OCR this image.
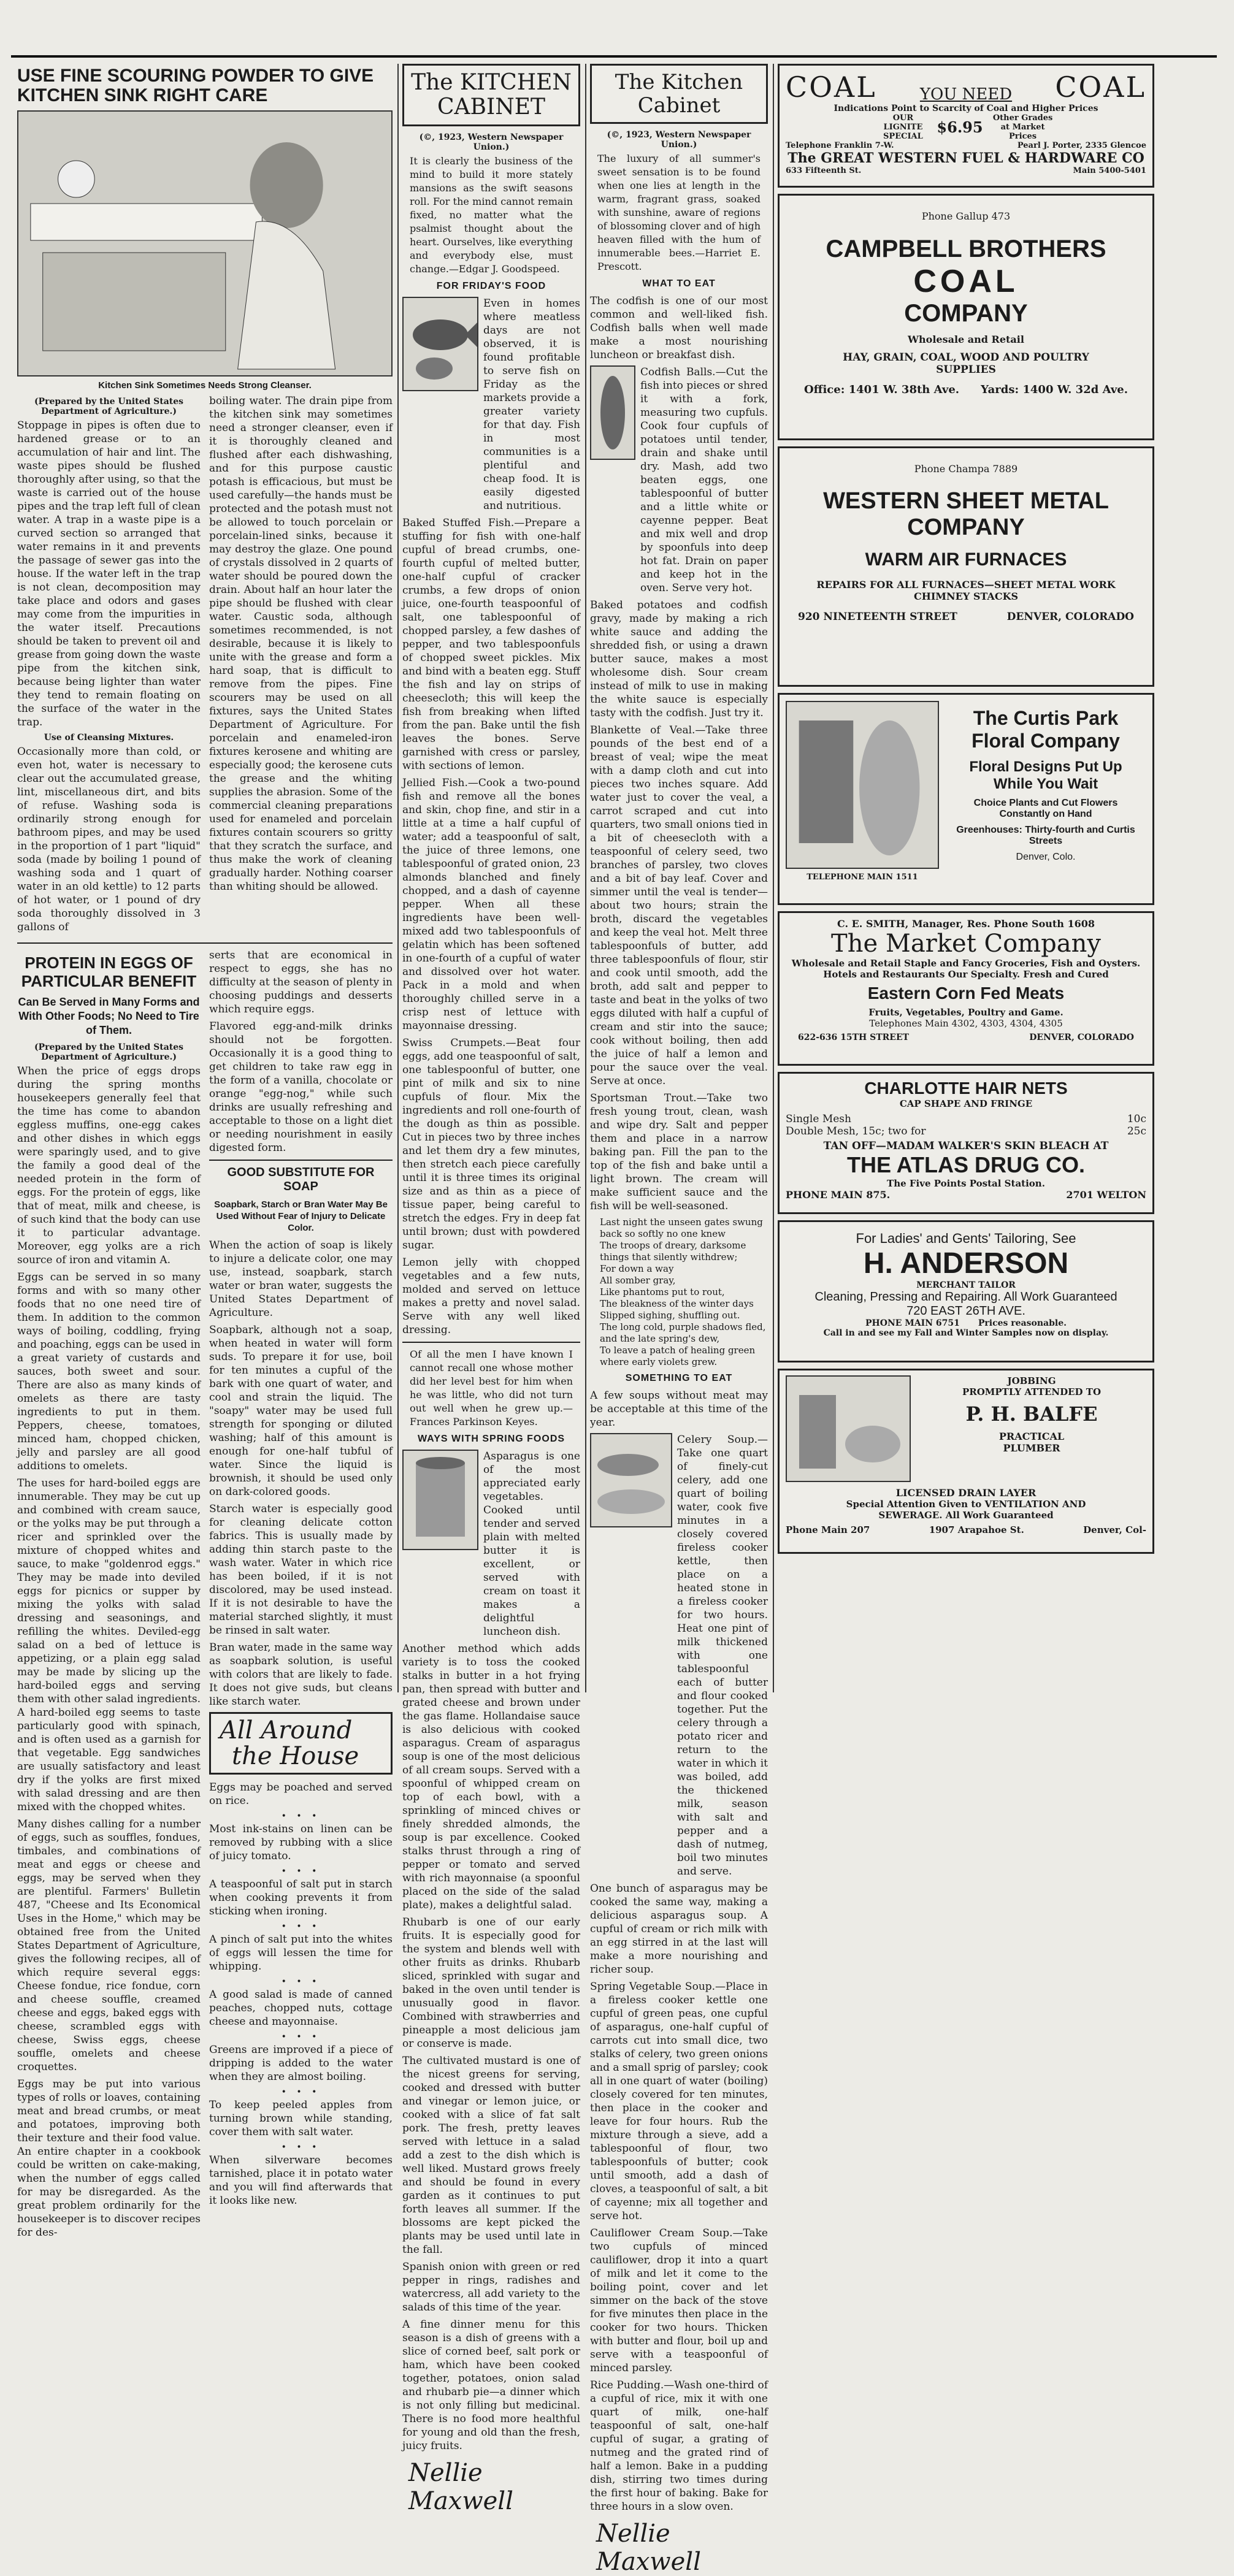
USE FINE SCOURING POWDER TO GIVE KITCHEN SINK RIGHT CARE
Kitchen Sink Sometimes Needs Strong Cleanser.
(Prepared by the United States Department of Agriculture.)

Stoppage in pipes is often due to hardened grease or to an accumulation of hair and lint. The waste pipes should be flushed thoroughly after using, so that the waste is carried out of the house pipes and the trap left full of clean water. A trap in a waste pipe is a curved section so arranged that water remains in it and prevents the passage of sewer gas into the house. If the water left in the trap is not clean, decomposition may take place and odors and gases may come from the impurities in the water itself. Precautions should be taken to prevent oil and grease from going down the waste pipe from the kitchen sink, because being lighter than water they tend to remain floating on the surface of the water in the trap.

Use of Cleansing Mixtures.

Occasionally more than cold, or even hot, water is necessary to clear out the accumulated grease, lint, miscellaneous dirt, and bits of refuse. Washing soda is ordinarily strong enough for bathroom pipes, and may be used in the proportion of 1 part "liquid" soda (made by boiling 1 pound of washing soda and 1 quart of water in an old kettle) to 12 parts of hot water, or 1 pound of dry soda thoroughly dissolved in 3 gallons of

boiling water. The drain pipe from the kitchen sink may sometimes need a stronger cleanser, even if it is thoroughly cleaned and flushed after each dishwashing, and for this purpose caustic potash is efficacious, but must be used carefully—the hands must be protected and the potash must not be allowed to touch porcelain or porcelain-lined sinks, because it may destroy the glaze. One pound of crystals dissolved in 2 quarts of water should be poured down the drain. About half an hour later the pipe should be flushed with clear water. Caustic soda, although sometimes recommended, is not desirable, because it is likely to unite with the grease and form a hard soap, that is difficult to remove from the pipes. Fine scourers may be used on all fixtures, says the United States Department of Agriculture. For porcelain and enameled-iron fixtures kerosene and whiting are especially good; the kerosene cuts the grease and the whiting supplies the abrasion. Some of the commercial cleaning preparations used for enameled and porcelain fixtures contain scourers so gritty that they scratch the surface, and thus make the work of cleaning gradually harder. Nothing coarser than whiting should be allowed.

PROTEIN IN EGGS OF PARTICULAR BENEFIT
Can Be Served in Many Forms and With Other Foods; No Need to Tire of Them.
(Prepared by the United States Department of Agriculture.)

When the price of eggs drops during the spring months housekeepers generally feel that the time has come to abandon eggless muffins, one-egg cakes and other dishes in which eggs were sparingly used, and to give the family a good deal of the needed protein in the form of eggs. For the protein of eggs, like that of meat, milk and cheese, is of such kind that the body can use it to particular advantage. Moreover, egg yolks are a rich source of iron and vitamin A.

Eggs can be served in so many forms and with so many other foods that no one need tire of them. In addition to the common ways of boiling, coddling, frying and poaching, eggs can be used in a great variety of custards and sauces, both sweet and sour. There are also as many kinds of omelets as there are tasty ingredients to put in them. Peppers, cheese, tomatoes, minced ham, chopped chicken, jelly and parsley are all good additions to omelets.

The uses for hard-boiled eggs are innumerable. They may be cut up and combined with cream sauce, or the yolks may be put through a ricer and sprinkled over the mixture of chopped whites and sauce, to make "goldenrod eggs." They may be made into deviled eggs for picnics or supper by mixing the yolks with salad dressing and seasonings, and refilling the whites. Deviled-egg salad on a bed of lettuce is appetizing, or a plain egg salad may be made by slicing up the hard-boiled eggs and serving them with other salad ingredients. A hard-boiled egg seems to taste particularly good with spinach, and is often used as a garnish for that vegetable. Egg sandwiches are usually satisfactory and least dry if the yolks are first mixed with salad dressing and are then mixed with the chopped whites.

Many dishes calling for a number of eggs, such as souffles, fondues, timbales, and combinations of meat and eggs or cheese and eggs, may be served when they are plentiful. Farmers' Bulletin 487, "Cheese and Its Economical Uses in the Home," which may be obtained free from the United States Department of Agriculture, gives the following recipes, all of which require several eggs: Cheese fondue, rice fondue, corn and cheese souffle, creamed cheese and eggs, baked eggs with cheese, scrambled eggs with cheese, Swiss eggs, cheese souffle, omelets and cheese croquettes.

Eggs may be put into various types of rolls or loaves, containing meat and bread crumbs, or meat and potatoes, improving both their texture and their food value. An entire chapter in a cookbook could be written on cake-making, when the number of eggs called for may be disregarded. As the great problem ordinarily for the housekeeper is to discover recipes for des-

serts that are economical in respect to eggs, she has no difficulty at the season of plenty in choosing puddings and desserts which require eggs.

Flavored egg-and-milk drinks should not be forgotten. Occasionally it is a good thing to get children to take raw egg in the form of a vanilla, chocolate or orange "egg-nog," while such drinks are usually refreshing and acceptable to those on a light diet or needing nourishment in easily digested form.

GOOD SUBSTITUTE FOR SOAP
Soapbark, Starch or Bran Water May Be Used Without Fear of Injury to Delicate Color.

When the action of soap is likely to injure a delicate color, one may use, instead, soapbark, starch water or bran water, suggests the United States Department of Agriculture.

Soapbark, although not a soap, when heated in water will form suds. To prepare it for use, boil for ten minutes a cupful of the bark with one quart of water, and cool and strain the liquid. The "soapy" water may be used full strength for sponging or diluted washing; half of this amount is enough for one-half tubful of water. Since the liquid is brownish, it should be used only on dark-colored goods.

Starch water is especially good for cleaning delicate cotton fabrics. This is usually made by adding thin starch paste to the wash water. Water in which rice has been boiled, if it is not discolored, may be used instead. If it is not desirable to have the material starched slightly, it must be rinsed in salt water.

Bran water, made in the same way as soapbark solution, is useful with colors that are likely to fade. It does not give suds, but cleans like starch water.

All Around
the House

Eggs may be poached and served on rice.

• • •

Most ink-stains on linen can be removed by rubbing with a slice of juicy tomato.

• • •

A teaspoonful of salt put in starch when cooking prevents it from sticking when ironing.

• • •

A pinch of salt put into the whites of eggs will lessen the time for whipping.

• • •

A good salad is made of canned peaches, chopped nuts, cottage cheese and mayonnaise.

• • •

Greens are improved if a piece of dripping is added to the water when they are almost boiling.

• • •

To keep peeled apples from turning brown while standing, cover them with salt water.

• • •

When silverware becomes tarnished, place it in potato water and you will find afterwards that it looks like new.

The KITCHEN
CABINET
(©, 1923, Western Newspaper Union.)

It is clearly the business of the mind to build it more stately mansions as the swift seasons roll. For the mind cannot remain fixed, no matter what the psalmist thought about the heart. Ourselves, like everything and everybody else, must change.—Edgar J. Goodspeed.

FOR FRIDAY'S FOOD

Even in homes where meatless days are not observed, it is found profitable to serve fish on Friday as the markets provide a greater variety for that day. Fish in most communities is a plentiful and cheap food. It is easily digested and nutritious.

Baked Stuffed Fish.—Prepare a stuffing for fish with one-half cupful of bread crumbs, one-fourth cupful of melted butter, one-half cupful of cracker crumbs, a few drops of onion juice, one-fourth teaspoonful of salt, one tablespoonful of chopped parsley, a few dashes of pepper, and two tablespoonfuls of chopped sweet pickles. Mix and bind with a beaten egg. Stuff the fish and lay on strips of cheesecloth; this will keep the fish from breaking when lifted from the pan. Bake until the fish leaves the bones. Serve garnished with cress or parsley, with sections of lemon.

Jellied Fish.—Cook a two-pound fish and remove all the bones and skin, chop fine, and stir in a little at a time a half cupful of water; add a teaspoonful of salt, the juice of three lemons, one tablespoonful of grated onion, 23 almonds blanched and finely chopped, and a dash of cayenne pepper. When all these ingredients have been well-mixed add two tablespoonfuls of gelatin which has been softened in one-fourth of a cupful of water and dissolved over hot water. Pack in a mold and when thoroughly chilled serve in a crisp nest of lettuce with mayonnaise dressing.

Swiss Crumpets.—Beat four eggs, add one teaspoonful of salt, one tablespoonful of butter, one pint of milk and six to nine cupfuls of flour. Mix the ingredients and roll one-fourth of the dough as thin as possible. Cut in pieces two by three inches and let them dry a few minutes, then stretch each piece carefully until it is three times its original size and as thin as a piece of tissue paper, being careful to stretch the edges. Fry in deep fat until brown; dust with powdered sugar.

Lemon jelly with chopped vegetables and a few nuts, molded and served on lettuce makes a pretty and novel salad. Serve with any well liked dressing.

Of all the men I have known I cannot recall one whose mother did her level best for him when he was little, who did not turn out well when he grew up.—Frances Parkinson Keyes.

WAYS WITH SPRING FOODS

Asparagus is one of the most appreciated early vegetables. Cooked until tender and served plain with melted butter it is excellent, or served with cream on toast it makes a delightful luncheon dish.

Another method which adds variety is to toss the cooked stalks in butter in a hot frying pan, then spread with butter and grated cheese and brown under the gas flame. Hollandaise sauce is also delicious with cooked asparagus. Cream of asparagus soup is one of the most delicious of all cream soups. Served with a spoonful of whipped cream on top of each bowl, with a sprinkling of minced chives or finely shredded almonds, the soup is par excellence. Cooked stalks thrust through a ring of pepper or tomato and served with rich mayonnaise (a spoonful placed on the side of the salad plate), makes a delightful salad.

Rhubarb is one of our early fruits. It is especially good for the system and blends well with other fruits as drinks. Rhubarb sliced, sprinkled with sugar and baked in the oven until tender is unusually good in flavor. Combined with strawberries and pineapple a most delicious jam or conserve is made.

The cultivated mustard is one of the nicest greens for serving, cooked and dressed with butter and vinegar or lemon juice, or cooked with a slice of fat salt pork. The fresh, pretty leaves served with lettuce in a salad add a zest to the dish which is well liked. Mustard grows freely and should be found in every garden as it continues to put forth leaves all summer. If the blossoms are kept picked the plants may be used until late in the fall.

Spanish onion with green or red pepper in rings, radishes and watercress, all add variety to the salads of this time of the year.

A fine dinner menu for this season is a dish of greens with a slice of corned beef, salt pork or ham, which have been cooked together, potatoes, onion salad and rhubarb pie—a dinner which is not only filling but medicinal. There is no food more healthful for young and old than the fresh, juicy fruits.

Nellie Maxwell
The Kitchen
Cabinet
(©, 1923, Western Newspaper Union.)

The luxury of all summer's sweet sensation is to be found when one lies at length in the warm, fragrant grass, soaked with sunshine, aware of regions of blossoming clover and of high heaven filled with the hum of innumerable bees.—Harriet E. Prescott.

WHAT TO EAT

The codfish is one of our most common and well-liked fish. Codfish balls when well made make a most nourishing luncheon or breakfast dish.

Codfish Balls.—Cut the fish into pieces or shred it with a fork, measuring two cupfuls. Cook four cupfuls of potatoes until tender, drain and shake until dry. Mash, add two beaten eggs, one tablespoonful of butter and a little white or cayenne pepper. Beat and mix well and drop by spoonfuls into deep hot fat. Drain on paper and keep hot in the oven. Serve very hot.

Baked potatoes and codfish gravy, made by making a rich white sauce and adding the shredded fish, or using a drawn butter sauce, makes a most wholesome dish. Sour cream instead of milk to use in making the white sauce is especially tasty with the codfish. Just try it.

Blankette of Veal.—Take three pounds of the best end of a breast of veal; wipe the meat with a damp cloth and cut into pieces two inches square. Add water just to cover the veal, a carrot scraped and cut into quarters, two small onions tied in a bit of cheesecloth with a teaspoonful of celery seed, two branches of parsley, two cloves and a bit of bay leaf. Cover and simmer until the veal is tender—about two hours; strain the broth, discard the vegetables and keep the veal hot. Melt three tablespoonfuls of butter, add three tablespoonfuls of flour, stir and cook until smooth, add the broth, add salt and pepper to taste and beat in the yolks of two eggs diluted with half a cupful of cream and stir into the sauce; cook without boiling, then add the juice of half a lemon and pour the sauce over the veal. Serve at once.

Sportsman Trout.—Take two fresh young trout, clean, wash and wipe dry. Salt and pepper them and place in a narrow baking pan. Fill the pan to the top of the fish and bake until a light brown. The cream will make sufficient sauce and the fish will be well-seasoned.

Last night the unseen gates swung back so softly no one knew
The troops of dreary, darksome things that silently withdrew;
For down a way
All somber gray,
Like phantoms put to rout,
The bleakness of the winter days
Slipped sighing, shuffling out.
The long cold, purple shadows fled, and the late spring's dew,
To leave a patch of healing green where early violets grew.
SOMETHING TO EAT

A few soups without meat may be acceptable at this time of the year.

Celery Soup.—Take one quart of finely-cut celery, add one quart of boiling water, cook five minutes in a closely covered fireless cooker kettle, then place on a heated stone in a fireless cooker for two hours. Heat one pint of milk thickened with one tablespoonful each of butter and flour cooked together. Put the celery through a potato ricer and return to the water in which it was boiled, add the thickened milk, season with salt and pepper and a dash of nutmeg, boil two minutes and serve.

One bunch of asparagus may be cooked the same way, making a delicious asparagus soup. A cupful of cream or rich milk with an egg stirred in at the last will make a more nourishing and richer soup.

Spring Vegetable Soup.—Place in a fireless cooker kettle one cupful of green peas, one cupful of asparagus, one-half cupful of carrots cut into small dice, two stalks of celery, two green onions and a small sprig of parsley; cook all in one quart of water (boiling) closely covered for ten minutes, then place in the cooker and leave for four hours. Rub the mixture through a sieve, add a tablespoonful of flour, two tablespoonfuls of butter; cook until smooth, add a dash of cloves, a teaspoonful of salt, a bit of cayenne; mix all together and serve hot.

Cauliflower Cream Soup.—Take two cupfuls of minced cauliflower, drop it into a quart of milk and let it come to the boiling point, cover and let simmer on the back of the stove for five minutes then place in the cooker for two hours. Thicken with butter and flour, boil up and serve with a teaspoonful of minced parsley.

Rice Pudding.—Wash one-third of a cupful of rice, mix it with one quart of milk, one-half teaspoonful of salt, one-half cupful of sugar, a grating of nutmeg and the grated rind of half a lemon. Bake in a pudding dish, stirring two times during the first hour of baking. Bake for three hours in a slow oven.

Nellie Maxwell
COAL	YOU NEED COAL
Indications Point to Scarcity of Coal and Higher Prices
OUR LIGNITE SPECIAL
$6.95
Other Grades at Market Prices
Telephone Franklin 7-W.	Pearl J. Porter, 2335 Glencoe
The GREAT WESTERN FUEL & HARDWARE CO
633 Fifteenth St.	Main 5400-5401
Phone Gallup 473
CAMPBELL BROTHERS
COAL
COMPANY
Wholesale and Retail
HAY, GRAIN, COAL, WOOD AND POULTRY SUPPLIES
Office: 1401 W. 38th Ave. Yards: 1400 W. 32d Ave.
Phone Champa 7889
WESTERN SHEET METAL
COMPANY
WARM AIR FURNACES
REPAIRS FOR ALL FURNACES—SHEET METAL WORK
CHIMNEY STACKS
920 NINETEENTH STREET	DENVER, COLORADO
TELEPHONE MAIN 1511
The Curtis Park
Floral Company
Floral Designs Put Up
While You Wait
Choice Plants and Cut Flowers
Constantly on Hand
Greenhouses: Thirty-fourth and Curtis Streets
Denver, Colo.
C. E. SMITH, Manager, Res. Phone South 1608
The Market Company
Wholesale and Retail Staple and Fancy Groceries, Fish and Oysters.
Hotels and Restaurants Our Specialty. Fresh and Cured
Eastern Corn Fed Meats
Fruits, Vegetables, Poultry and Game.
Telephones Main 4302, 4303, 4304, 4305
622-636 15TH STREET	DENVER, COLORADO
CHARLOTTE HAIR NETS
CAP SHAPE AND FRINGE
Single Mesh	10c
Double Mesh, 15c; two for	25c
TAN OFF—MADAM WALKER'S SKIN BLEACH AT
THE ATLAS DRUG CO.
The Five Points Postal Station.
PHONE MAIN 875.	2701 WELTON
For Ladies' and Gents' Tailoring, See
H. ANDERSON
MERCHANT TAILOR
Cleaning, Pressing and Repairing. All Work Guaranteed
720 EAST 26TH AVE.
PHONE MAIN 6751 Prices reasonable.
Call in and see my Fall and Winter Samples now on display.
JOBBING
PROMPTLY ATTENDED TO
P. H. BALFE
PRACTICAL
PLUMBER
LICENSED DRAIN LAYER
Special Attention Given to VENTILATION AND SEWERAGE. All Work Guaranteed
Phone Main 207	1907 Arapahoe St.	Denver, Col-
